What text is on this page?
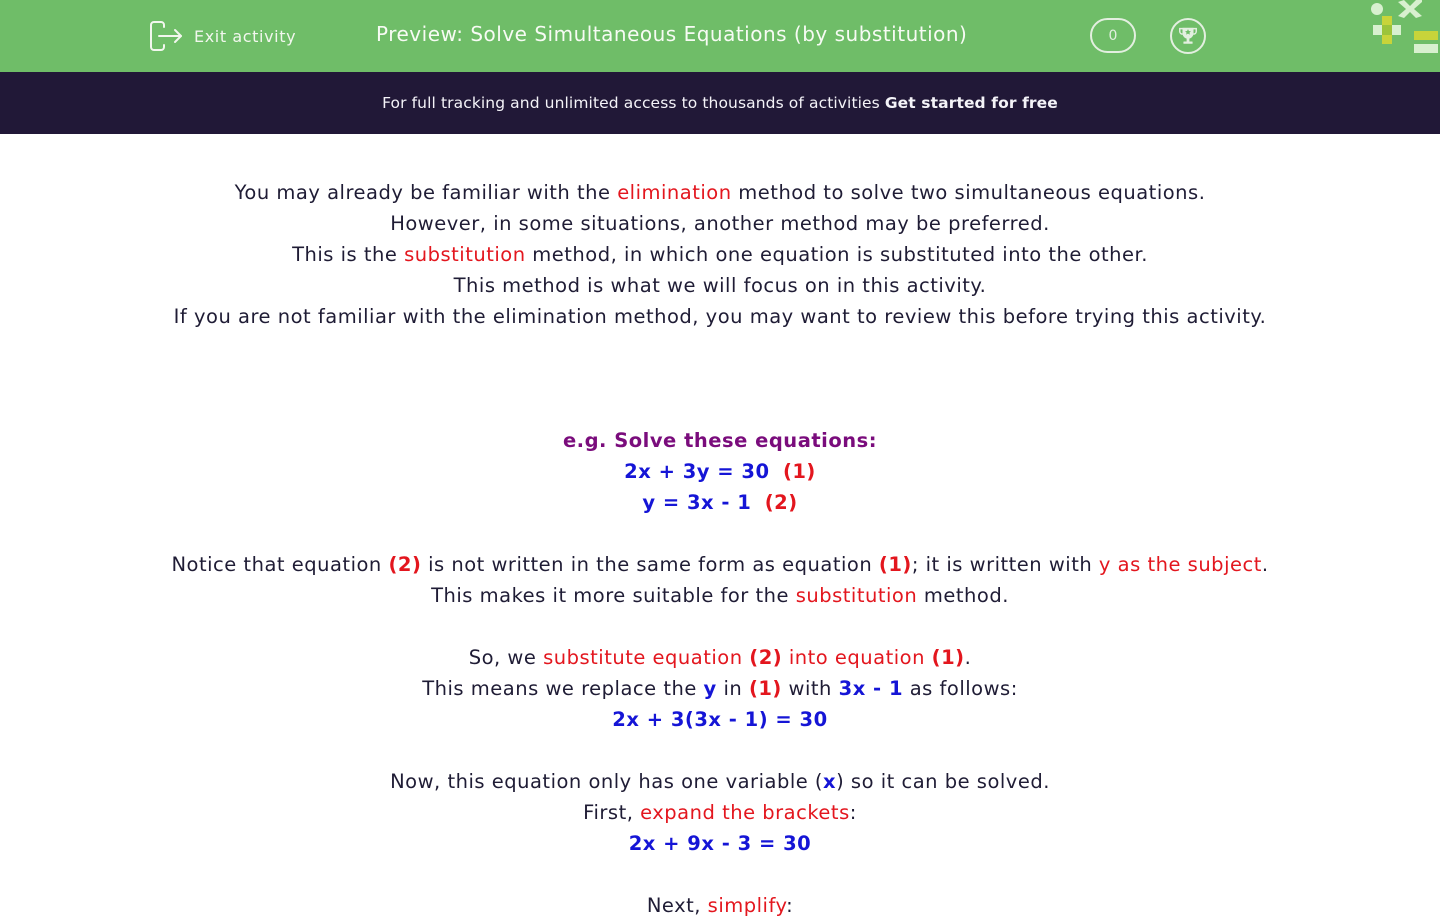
Exit activity	Preview: Solve Simultaneous Equations (by substitution)	0
For full tracking and unlimited access to thousands of activities Get started for free
You may already be familiar with the elimination method to solve two simultaneous equations.
However, in some situations, another method may be preferred.
This is the substitution method, in which one equation is substituted into the other.
This method is what we will focus on in this activity.
If you are not familiar with the elimination method, you may want to review this before trying this activity.
e.g. Solve these equations:
2x + 3y = 30 (1)
y = 3x - 1 (2)
Notice that equation (2) is not written in the same form as equation (1); it is written with y as the subject.
This makes it more suitable for the substitution method.
So, we substitute equation (2) into equation (1).
This means we replace the y in (1) with 3x - 1 as follows:
2x + 3(3x - 1) = 30
Now, this equation only has one variable (x) so it can be solved.
First, expand the brackets:
2x + 9x - 3 = 30
Next, simplify:
